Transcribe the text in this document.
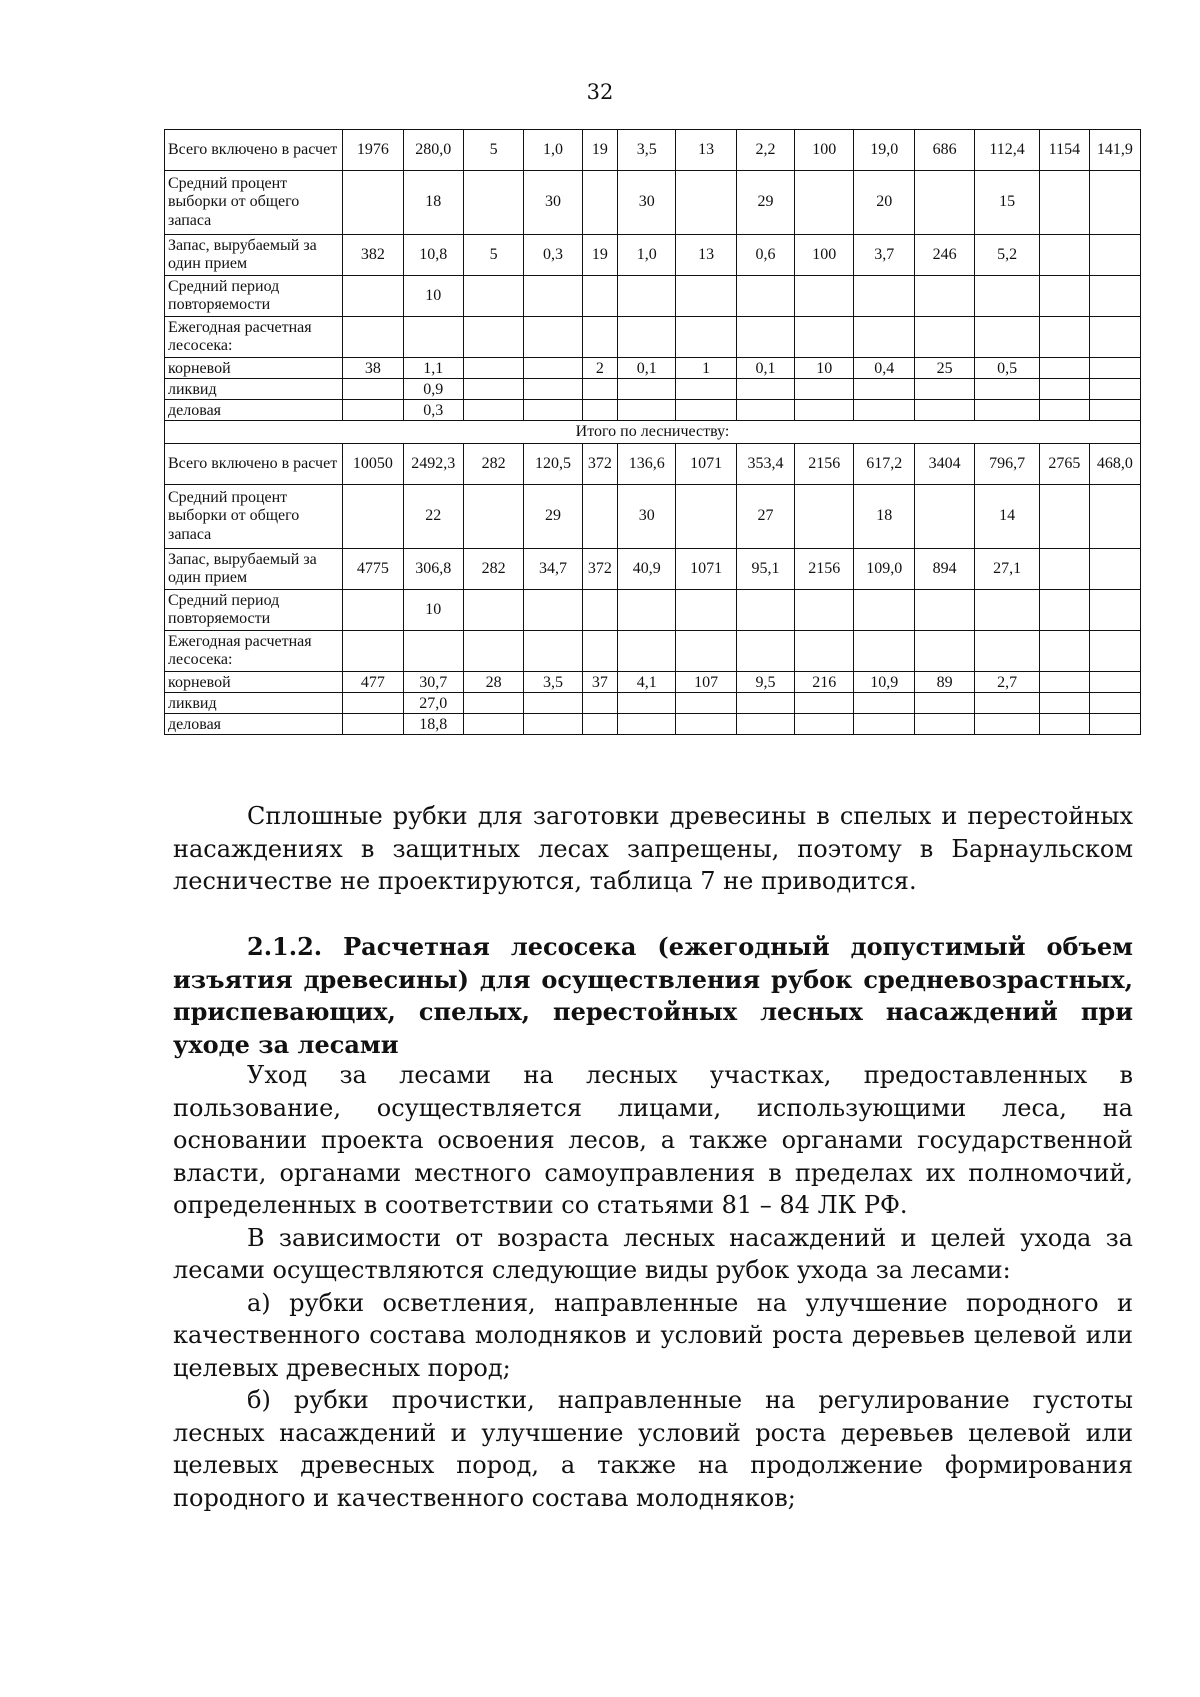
32
Всего включено в расчет	1976	280,0	5	1,0	19	3,5	13	2,2	100	19,0	686	112,4	1154	141,9
Средний процент выборки от общего запаса		18		30		30		29		20		15		
Запас, вырубаемый за один прием	382	10,8	5	0,3	19	1,0	13	0,6	100	3,7	246	5,2		
Средний период повторяемости		10												
Ежегодная расчетная лесосека:														
корневой	38	1,1			2	0,1	1	0,1	10	0,4	25	0,5		
ликвид		0,9												
деловая		0,3												
Итого по лесничеству:														
Всего включено в расчет	10050	2492,3	282	120,5	372	136,6	1071	353,4	2156	617,2	3404	796,7	2765	468,0
Средний процент выборки от общего запаса		22		29		30		27		18		14		
Запас, вырубаемый за один прием	4775	306,8	282	34,7	372	40,9	1071	95,1	2156	109,0	894	27,1		
Средний период повторяемости		10												
Ежегодная расчетная лесосека:														
корневой	477	30,7	28	3,5	37	4,1	107	9,5	216	10,9	89	2,7		
ликвид		27,0												
деловая		18,8												

Сплошные рубки для заготовки древесины в спелых и перестойных насаждениях в защитных лесах запрещены, поэтому в Барнаульском лесничестве не проектируются, таблица 7 не приводится.

2.1.2. Расчетная лесосека (ежегодный допустимый объем изъятия древесины) для осуществления рубок средневозрастных, приспевающих, спелых, перестойных лесных насаждений при уходе за лесами

Уход за лесами на лесных участках, предоставленных в пользование, осуществляется лицами, использующими леса, на основании проекта освоения лесов, а также органами государственной власти, органами местного самоуправления в пределах их полномочий, определенных в соответствии со статьями 81 – 84 ЛК РФ.

В зависимости от возраста лесных насаждений и целей ухода за лесами осуществляются следующие виды рубок ухода за лесами:

а) рубки осветления, направленные на улучшение породного и качественного состава молодняков и условий роста деревьев целевой или целевых древесных пород;

б) рубки прочистки, направленные на регулирование густоты лесных насаждений и улучшение условий роста деревьев целевой или целевых древесных пород, а также на продолжение формирования породного и качественного состава молодняков;
